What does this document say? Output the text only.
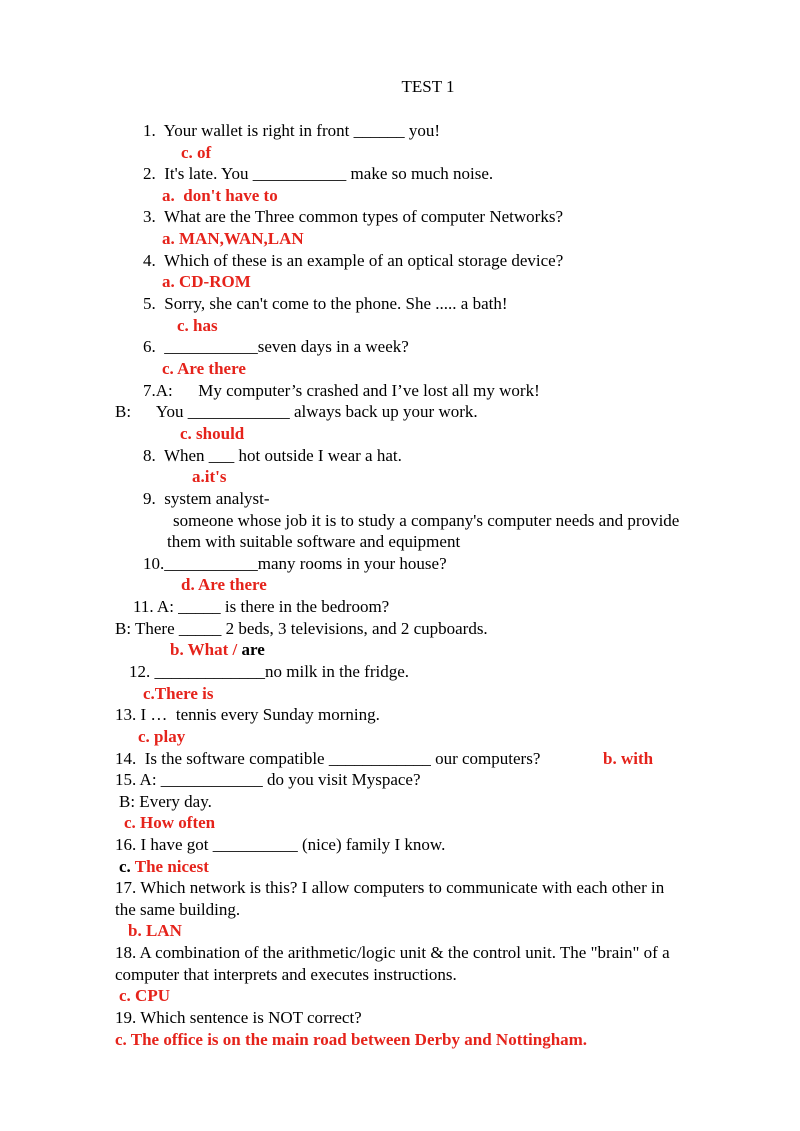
TEST 1
1.  Your wallet is right in front ______ you!
c. of
2.  It's late. You ___________ make so much noise.
a.  don't have to
3.  What are the Three common types of computer Networks?
a. MAN,WAN,LAN
4.  Which of these is an example of an optical storage device?
a. CD-ROM
5.  Sorry, she can't come to the phone. She ..... a bath!
c. has
6.  ___________seven days in a week?
c. Are there
7.A:      My computer’s crashed and I’ve lost all my work!
B:      You ____________ always back up your work.
c. should
8.  When ___ hot outside I wear a hat.
a.it's
9.  system analyst-
someone whose job it is to study a company's computer needs and provide
them with suitable software and equipment
10.___________many rooms in your house?
d. Are there
11. A: _____ is there in the bedroom?
B: There _____ 2 beds, 3 televisions, and 2 cupboards.
b. What / are
12. _____________no milk in the fridge.
c.There is
13. I …  tennis every Sunday morning.
c. play
14.  Is the software compatible ____________ our computers?	b. with
15. A: ____________ do you visit Myspace?
B: Every day.
c. How often
16. I have got __________ (nice) family I know.
c. The nicest
17. Which network is this? I allow computers to communicate with each other in
the same building.
b. LAN
18. A combination of the arithmetic/logic unit & the control unit. The "brain" of a
computer that interprets and executes instructions.
c. CPU
19. Which sentence is NOT correct?
c. The office is on the main road between Derby and Nottingham.
